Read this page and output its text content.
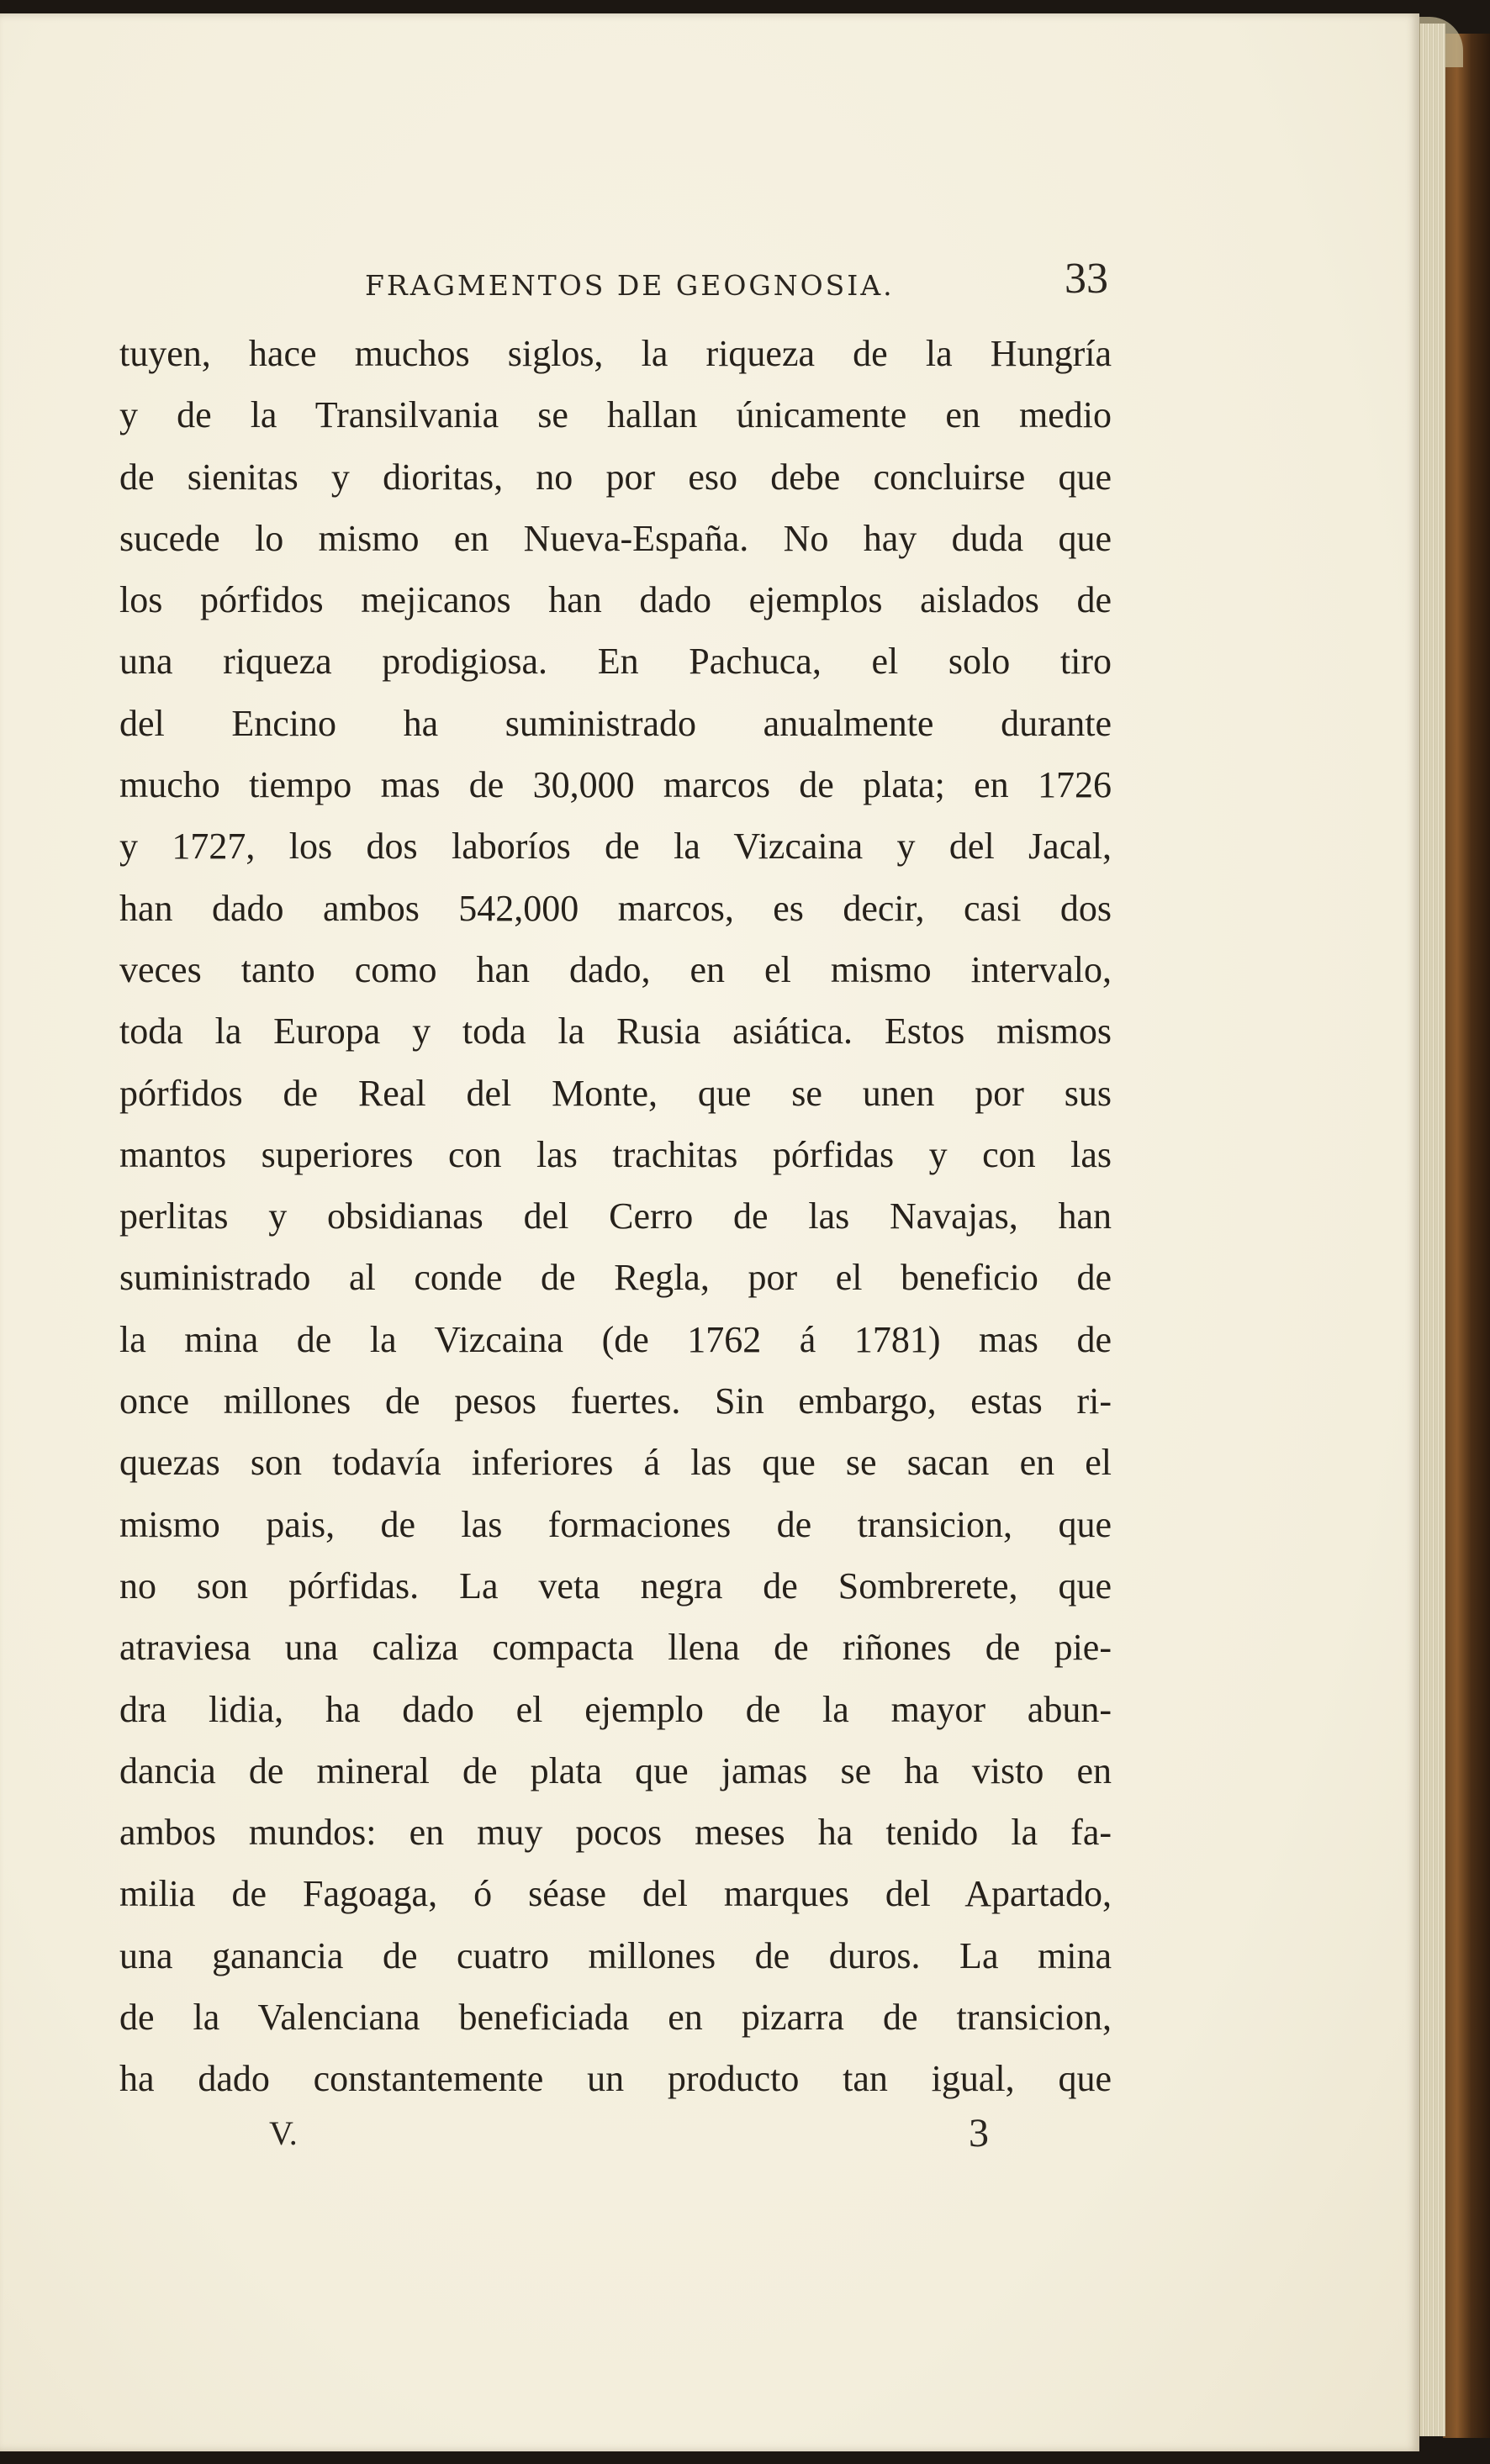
FRAGMENTOS DE GEOGNOSIA.	33
tuyen, hace muchos siglos, la riqueza de la Hungría
y de la Transilvania se hallan únicamente en medio
de sienitas y dioritas, no por eso debe concluirse que
sucede lo mismo en Nueva-España. No hay duda que
los pórfidos mejicanos han dado ejemplos aislados de
una riqueza prodigiosa. En Pachuca, el solo tiro
del Encino ha suministrado anualmente durante
mucho tiempo mas de 30,000 marcos de plata; en 1726
y 1727, los dos laboríos de la Vizcaina y del Jacal,
han dado ambos 542,000 marcos, es decir, casi dos
veces tanto como han dado, en el mismo intervalo,
toda la Europa y toda la Rusia asiática. Estos mismos
pórfidos de Real del Monte, que se unen por sus
mantos superiores con las trachitas pórfidas y con las
perlitas y obsidianas del Cerro de las Navajas, han
suministrado al conde de Regla, por el beneficio de
la mina de la Vizcaina (de 1762 á 1781) mas de
once millones de pesos fuertes. Sin embargo, estas ri-
quezas son todavía inferiores á las que se sacan en el
mismo pais, de las formaciones de transicion, que
no son pórfidas. La veta negra de Sombrerete, que
atraviesa una caliza compacta llena de riñones de pie-
dra lidia, ha dado el ejemplo de la mayor abun-
dancia de mineral de plata que jamas se ha visto en
ambos mundos: en muy pocos meses ha tenido la fa-
milia de Fagoaga, ó séase del marques del Apartado,
una ganancia de cuatro millones de duros. La mina
de la Valenciana beneficiada en pizarra de transicion,
ha dado constantemente un producto tan igual, que
V.	3
